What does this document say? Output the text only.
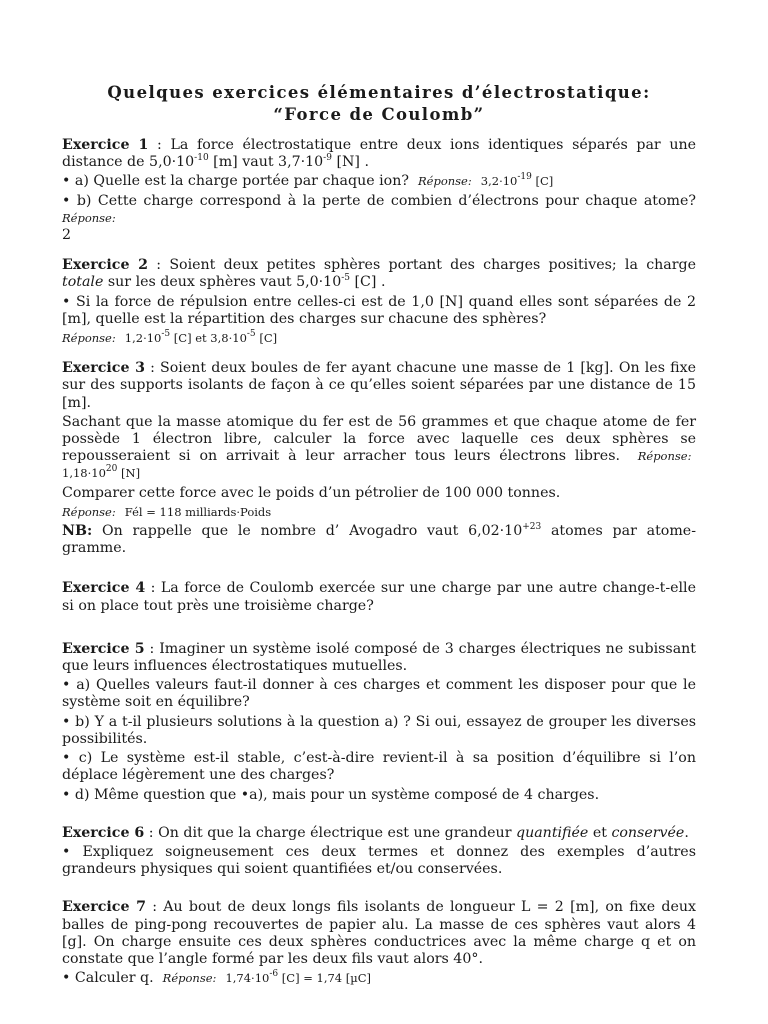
Quelques exercices élémentaires d’électrostatique:
“Force de Coulomb”

Exercice 1 : La force électrostatique entre deux ions identiques séparés par une distance de $5,0\cdot 10^{-10}$ [m] vaut $3,7\cdot 10^{-9}$ [N] .

• a) Quelle est la charge portée par chaque ion? Réponse: $3,2\cdot 10^{-19}$ [C]

• b) Cette charge correspond à la perte de combien d’électrons pour chaque atome? Réponse:
2

Exercice 2 : Soient deux petites sphères portant des charges positives; la charge totale sur les deux sphères vaut $5,0\cdot 10^{-5}$ [C] .

• Si la force de répulsion entre celles-ci est de 1,0 [N] quand elles sont séparées de 2 [m], quelle est la répartition des charges sur chacune des sphères?

Réponse: $1,2\cdot 10^{-5}$ [C] et $3,8\cdot 10^{-5}$ [C]

Exercice 3 : Soient deux boules de fer ayant chacune une masse de 1 [kg]. On les fixe sur des supports isolants de façon à ce qu’elles soient séparées par une distance de 15 [m].

Sachant que la masse atomique du fer est de 56 grammes et que chaque atome de fer possède 1 électron libre, calculer la force avec laquelle ces deux sphères se repousseraient si on arrivait à leur arracher tous leurs électrons libres. Réponse:  $1,18\cdot 10^{20}$ [N]

Comparer cette force avec le poids d’un pétrolier de 100 000 tonnes.

Réponse: Fél = 118 milliards·Poids

NB: On rappelle que le nombre d’ Avogadro vaut $6,02\cdot 10^{+23}$ atomes par atome-gramme.

Exercice 4 : La force de Coulomb exercée sur une charge par une autre change-t-elle si on place tout près une troisième charge?

Exercice 5 : Imaginer un système isolé composé de 3 charges électriques ne subissant que leurs influences électrostatiques mutuelles.

• a) Quelles valeurs faut-il donner à ces charges et comment les disposer pour que le système soit en équilibre?

• b) Y a t-il plusieurs solutions à la question a) ? Si oui, essayez de grouper les diverses possibilités.

• c) Le système est-il stable, c’est-à-dire revient-il à sa position d’équilibre si l’on déplace légèrement une des charges?

• d) Même question que •a), mais pour un système composé de 4 charges.

Exercice 6 : On dit que la charge électrique est une grandeur quantifiée et conservée.

• Expliquez soigneusement ces deux termes et donnez des exemples d’autres grandeurs physiques qui soient quantifiées et/ou conservées.

Exercice 7 : Au bout de deux longs fils isolants de longueur L = 2 [m], on fixe deux balles de ping-pong recouvertes de papier alu. La masse de ces sphères vaut alors 4 [g]. On charge ensuite ces deux sphères conductrices avec la même charge q et on constate que l’angle formé par les deux fils vaut alors 40°.

• Calculer q. Réponse: $1,74\cdot 10^{-6}$ [C] = 1,74 [µC]
